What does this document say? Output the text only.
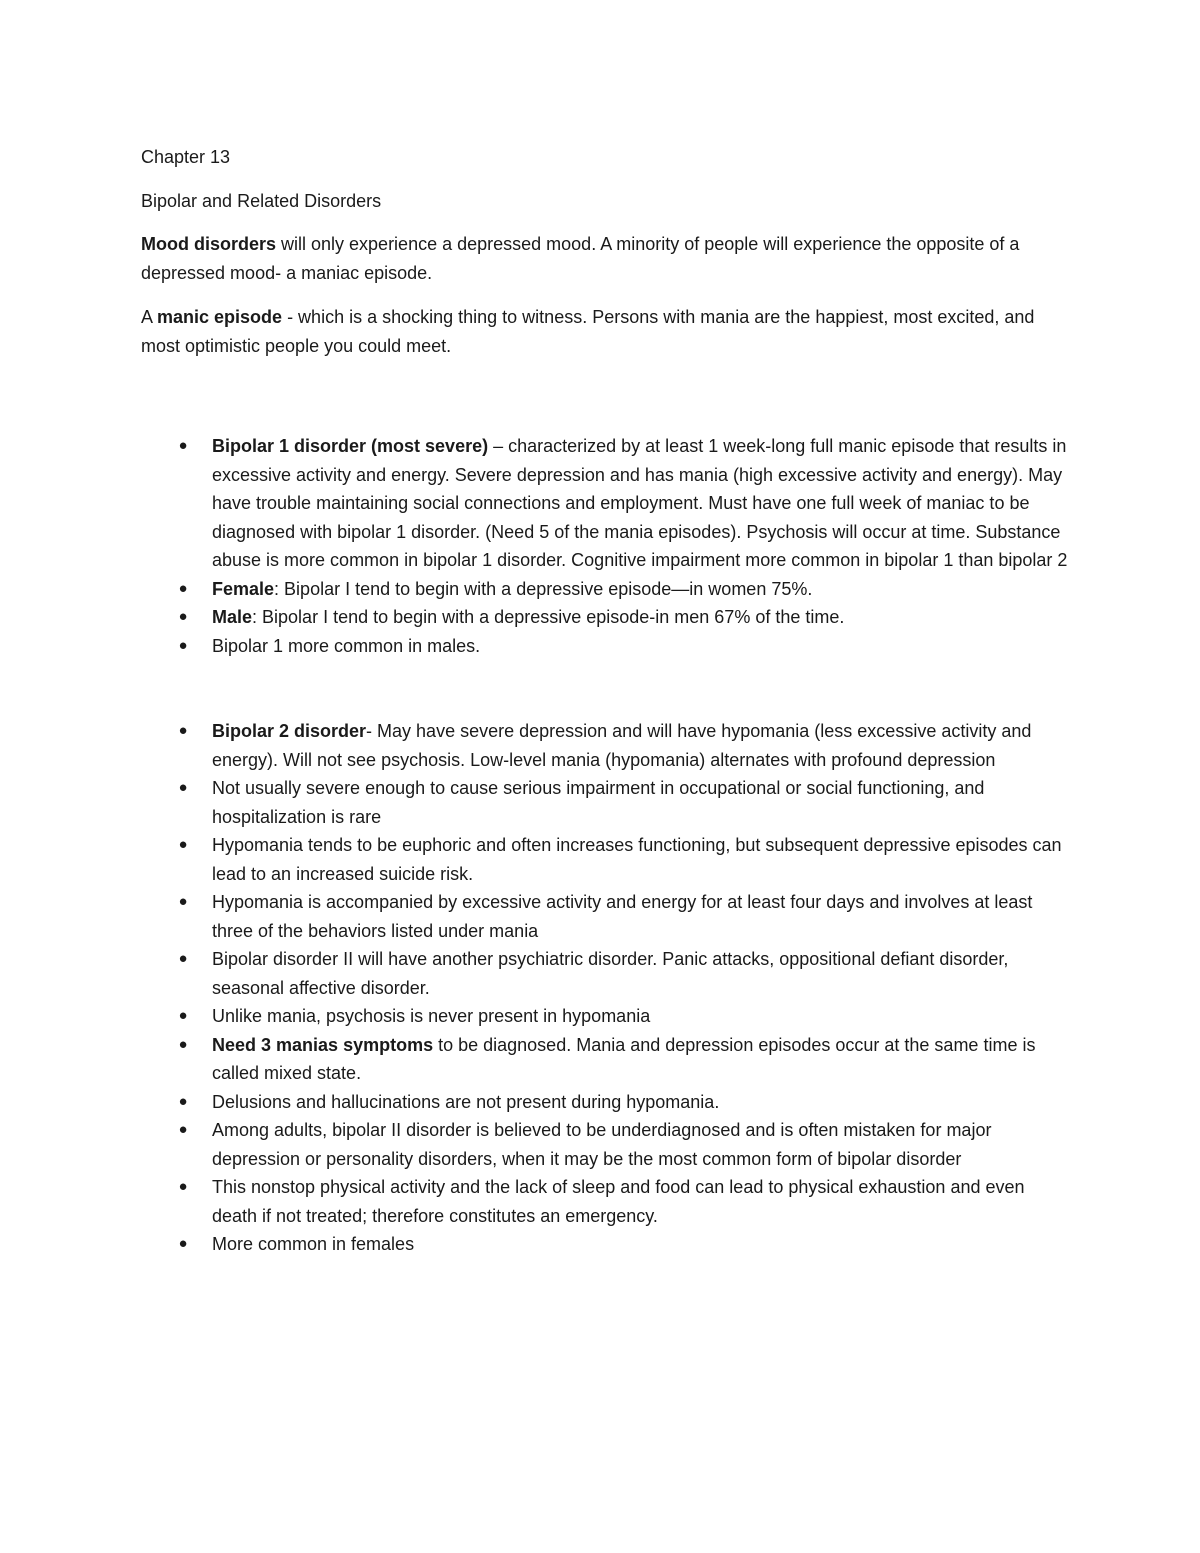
Chapter 13

Bipolar and Related Disorders

Mood disorders will only experience a depressed mood. A minority of people will experience the opposite of a depressed mood- a maniac episode.

A manic episode - which is a shocking thing to witness. Persons with mania are the happiest, most excited, and most optimistic people you could meet.

●	Bipolar 1 disorder (most severe) – characterized by at least 1 week-long full manic episode that results in excessive activity and energy. Severe depression and has mania (high excessive activity and energy). May have trouble maintaining social connections and employment. Must have one full week of maniac to be diagnosed with bipolar 1 disorder. (Need 5 of the mania episodes). Psychosis will occur at time. Substance abuse is more common in bipolar 1 disorder. Cognitive impairment more common in bipolar 1 than bipolar 2
●	Female: Bipolar I tend to begin with a depressive episode—in women 75%.
●	Male: Bipolar I tend to begin with a depressive episode-in men 67% of the time.
●	Bipolar 1 more common in males.
●	Bipolar 2 disorder- May have severe depression and will have hypomania (less excessive activity and energy). Will not see psychosis. Low-level mania (hypomania) alternates with profound depression
●	Not usually severe enough to cause serious impairment in occupational or social functioning, and hospitalization is rare
●	Hypomania tends to be euphoric and often increases functioning, but subsequent depressive episodes can lead to an increased suicide risk.
●	Hypomania is accompanied by excessive activity and energy for at least four days and involves at least three of the behaviors listed under mania
●	Bipolar disorder II will have another psychiatric disorder. Panic attacks, oppositional defiant disorder, seasonal affective disorder.
●	Unlike mania, psychosis is never present in hypomania
●	Need 3 manias symptoms to be diagnosed. Mania and depression episodes occur at the same time is called mixed state.
●	Delusions and hallucinations are not present during hypomania.
●	Among adults, bipolar II disorder is believed to be underdiagnosed and is often mistaken for major depression or personality disorders, when it may be the most common form of bipolar disorder
●	This nonstop physical activity and the lack of sleep and food can lead to physical exhaustion and even death if not treated; therefore constitutes an emergency.
●	More common in females
